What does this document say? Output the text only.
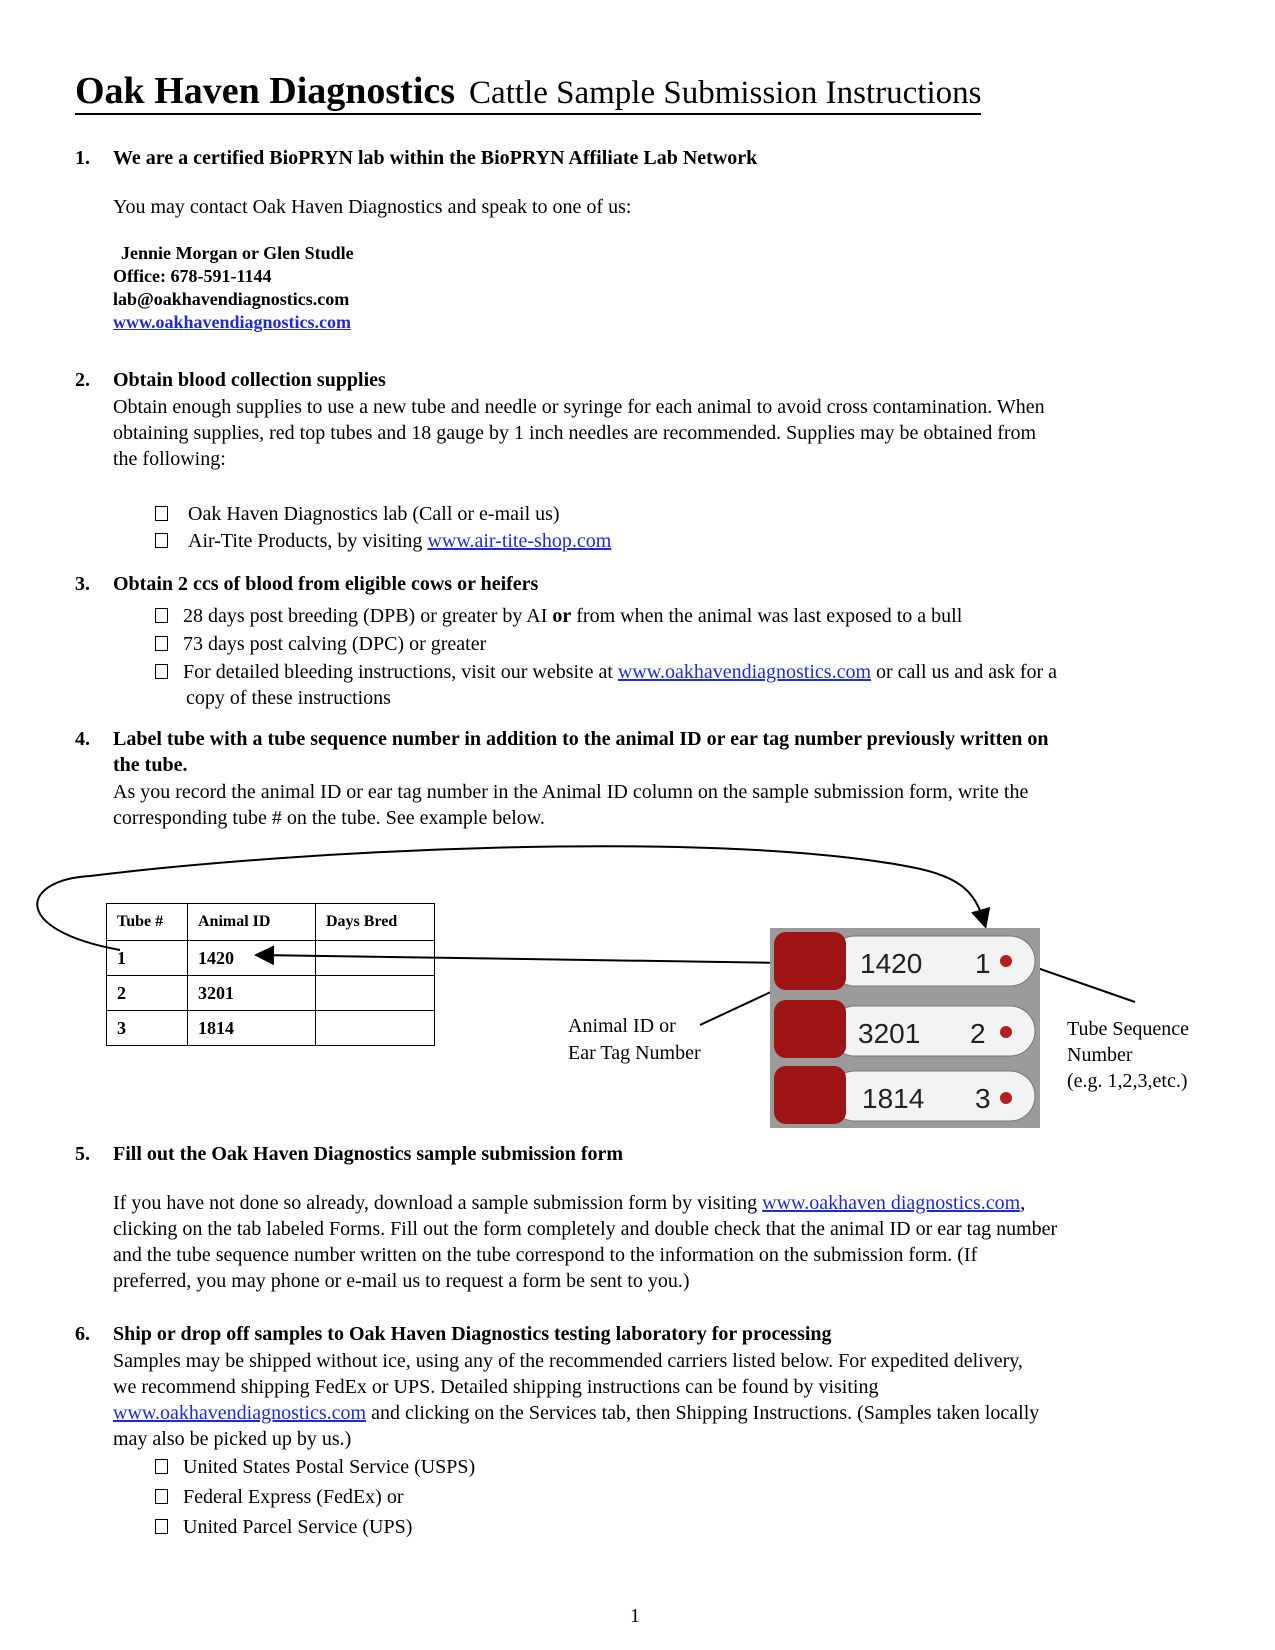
Oak Haven Diagnostics Cattle Sample Submission Instructions
1. We are a certified BioPRYN lab within the BioPRYN Affiliate Lab Network
You may contact Oak Haven Diagnostics and speak to one of us:
Jennie Morgan or Glen Studle
Office: 678-591-1144
lab@oakhavendiagnostics.com
www.oakhavendiagnostics.com
2. Obtain blood collection supplies
Obtain enough supplies to use a new tube and needle or syringe for each animal to avoid cross contamination. When
obtaining supplies, red top tubes and 18 gauge by 1 inch needles are recommended. Supplies may be obtained from
the following:
Oak Haven Diagnostics lab (Call or e-mail us)
Air-Tite Products, by visiting www.air-tite-shop.com
3. Obtain 2 ccs of blood from eligible cows or heifers
28 days post breeding (DPB) or greater by AI or from when the animal was last exposed to a bull
73 days post calving (DPC) or greater
For detailed bleeding instructions, visit our website at www.oakhavendiagnostics.com or call us and ask for a
copy of these instructions
4. Label tube with a tube sequence number in addition to the animal ID or ear tag number previously written on
the tube.
As you record the animal ID or ear tag number in the Animal ID column on the sample submission form, write the
corresponding tube # on the tube. See example below.
Tube #	Animal ID	Days Bred
1	1420	
2	3201	
3	1814	
1420 1
3201 2
1814 3
Animal ID or
Ear Tag Number
Tube Sequence
Number
(e.g. 1,2,3,etc.)
5. Fill out the Oak Haven Diagnostics sample submission form
If you have not done so already, download a sample submission form by visiting www.oakhaven diagnostics.com,
clicking on the tab labeled Forms. Fill out the form completely and double check that the animal ID or ear tag number
and the tube sequence number written on the tube correspond to the information on the submission form. (If
preferred, you may phone or e-mail us to request a form be sent to you.)
6. Ship or drop off samples to Oak Haven Diagnostics testing laboratory for processing
Samples may be shipped without ice, using any of the recommended carriers listed below. For expedited delivery,
we recommend shipping FedEx or UPS. Detailed shipping instructions can be found by visiting
www.oakhavendiagnostics.com and clicking on the Services tab, then Shipping Instructions. (Samples taken locally
may also be picked up by us.)
United States Postal Service (USPS)
Federal Express (FedEx) or
United Parcel Service (UPS)
1
